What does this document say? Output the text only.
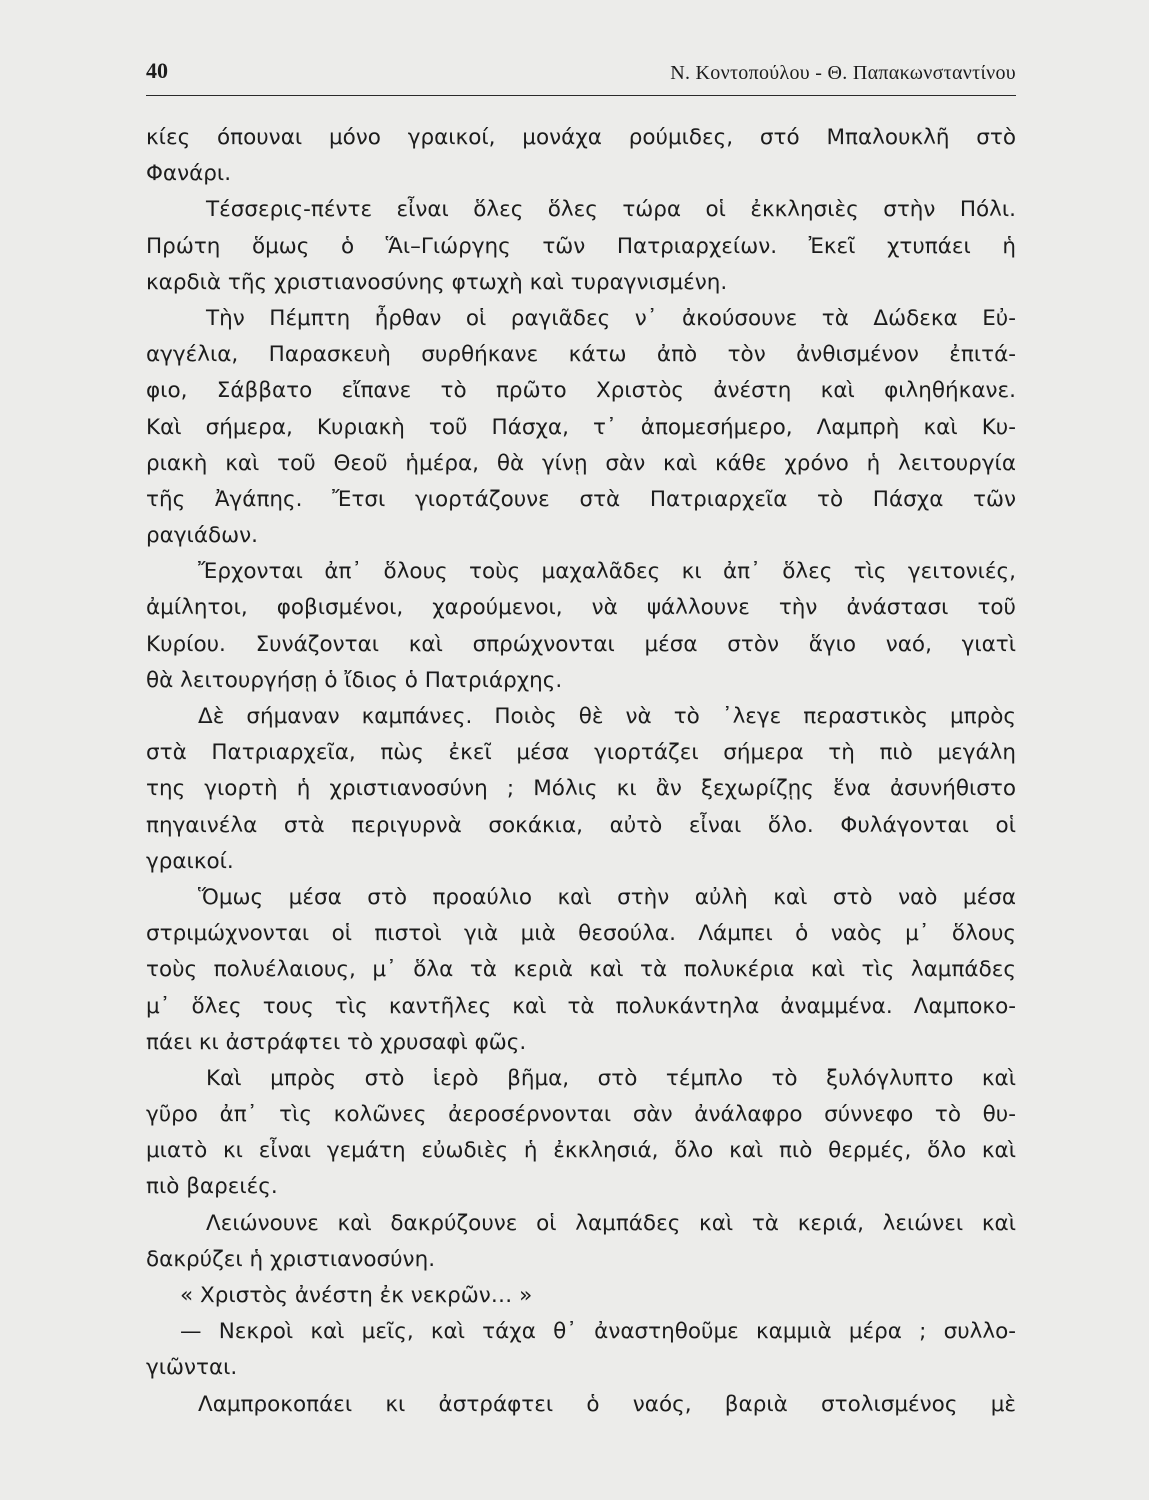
40	Ν. Κοντοπούλου - Θ. Παπακωνσταντίνου
κίες όπουναι μόνο γραικοί, μονάχα ρούμιδες, στό Μπαλουκλῆ στὸ
Φανάρι.
Τέσσερις-πέντε εἶναι ὅλες ὅλες τώρα οἱ ἐκκλησιὲς στὴν Πόλι.
Πρώτη ὅμως ὁ Ἅι–Γιώργης τῶν Πατριαρχείων. Ἐκεῖ χτυπάει ἡ
καρδιὰ τῆς χριστιανοσύνης φτωχὴ καὶ τυραγνισμένη.
Τὴν Πέμπτη ἦρθαν οἱ ραγιᾶδες ν᾽ ἀκούσουνε τὰ Δώδεκα Εὐ-
αγγέλια, Παρασκευὴ συρθήκανε κάτω ἀπὸ τὸν ἀνθισμένον ἐπιτά-
φιο, Σάββατο εἴπανε τὸ πρῶτο Χριστὸς ἀνέστη καὶ φιληθήκανε.
Καὶ σήμερα, Κυριακὴ τοῦ Πάσχα, τ᾽ ἀπομεσήμερο, Λαμπρὴ καὶ Κυ-
ριακὴ καὶ τοῦ Θεοῦ ἡμέρα, θὰ γίνῃ σὰν καὶ κάθε χρόνο ἡ λειτουργία
τῆς Ἀγάπης. Ἔτσι γιορτάζουνε στὰ Πατριαρχεῖα τὸ Πάσχα τῶν
ραγιάδων.
Ἔρχονται ἀπ᾽ ὅλους τοὺς μαχαλᾶδες κι ἀπ᾽ ὅλες τὶς γειτονιές,
ἀμίλητοι, φοβισμένοι, χαρούμενοι, νὰ ψάλλουνε τὴν ἀνάστασι τοῦ
Κυρίου. Συνάζονται καὶ σπρώχνονται μέσα στὸν ἅγιο ναό, γιατὶ
θὰ λειτουργήσῃ ὁ ἴδιος ὁ Πατριάρχης.
Δὲ σήμαναν καμπάνες. Ποιὸς θὲ νὰ τὸ ᾽λεγε περαστικὸς μπρὸς
στὰ Πατριαρχεῖα, πὼς ἐκεῖ μέσα γιορτάζει σήμερα τὴ πιὸ μεγάλη
της γιορτὴ ἡ χριστιανοσύνη ; Μόλις κι ἂν ξεχωρίζῃς ἕνα ἀσυνήθιστο
πηγαινέλα στὰ περιγυρνὰ σοκάκια, αὐτὸ εἶναι ὅλο. Φυλάγονται οἱ
γραικοί.
Ὅμως μέσα στὸ προαύλιο καὶ στὴν αὐλὴ καὶ στὸ ναὸ μέσα
στριμώχνονται οἱ πιστοὶ γιὰ μιὰ θεσούλα. Λάμπει ὁ ναὸς μ᾽ ὅλους
τοὺς πολυέλαιους, μ᾽ ὅλα τὰ κεριὰ καὶ τὰ πολυκέρια καὶ τὶς λαμπάδες
μ᾽ ὅλες τους τὶς καντῆλες καὶ τὰ πολυκάντηλα ἀναμμένα. Λαμποκο-
πάει κι ἀστράφτει τὸ χρυσαφὶ φῶς.
Καὶ μπρὸς στὸ ἱερὸ βῆμα, στὸ τέμπλο τὸ ξυλόγλυπτο καὶ
γῦρο ἀπ᾽ τὶς κολῶνες ἀεροσέρνονται σὰν ἀνάλαφρο σύννεφο τὸ θυ-
μιατὸ κι εἶναι γεμάτη εὐωδιὲς ἡ ἐκκλησιά, ὅλο καὶ πιὸ θερμές, ὅλο καὶ
πιὸ βαρειές.
Λειώνουνε καὶ δακρύζουνε οἱ λαμπάδες καὶ τὰ κεριά, λειώνει καὶ
δακρύζει ἡ χριστιανοσύνη.
« Χριστὸς ἀνέστη ἐκ νεκρῶν… »
— Νεκροὶ καὶ μεῖς, καὶ τάχα θ᾽ ἀναστηθοῦμε καμμιὰ μέρα ; συλλο-
γιῶνται.
Λαμπροκοπάει κι ἀστράφτει ὁ ναός, βαριὰ στολισμένος μὲ
